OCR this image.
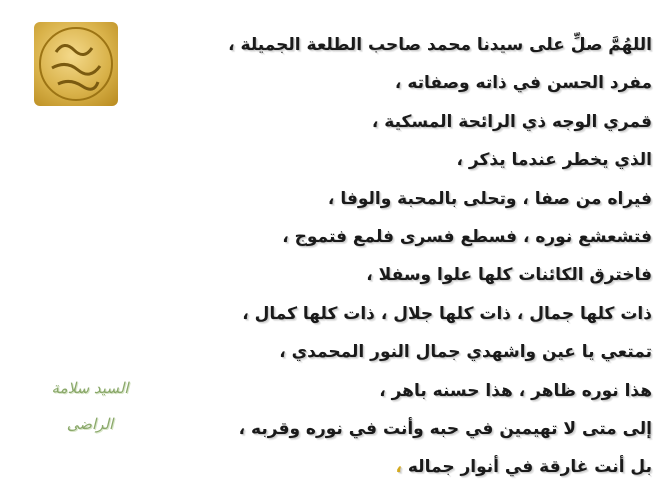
اللهُمَّ صلِّ على سيدنا محمد صاحب الطلعة الجميلة ،
مفرد الحسن في ذاته وصفاته ،
قمري الوجه ذي الرائحة المسكية ،
الذي يخطر عندما يذكر ،
فيراه من صفا ، وتحلى بالمحبة والوفا ،
فتشعشع نوره ، فسطع فسرى فلمع فتموج ،
فاخترق الكائنات كلها علوا وسفلا ،
ذات كلها جمال ، ذات كلها جلال ، ذات كلها كمال ،
تمتعي يا عين واشهدي جمال النور المحمدي ،
هذا نوره ظاهر ، هذا حسنه باهر ،
إلى متى لا تهيمين في حبه وأنت في نوره وقربه ،
بل أنت غارقة في أنوار جماله ،
السيد سلامة
الراضى
